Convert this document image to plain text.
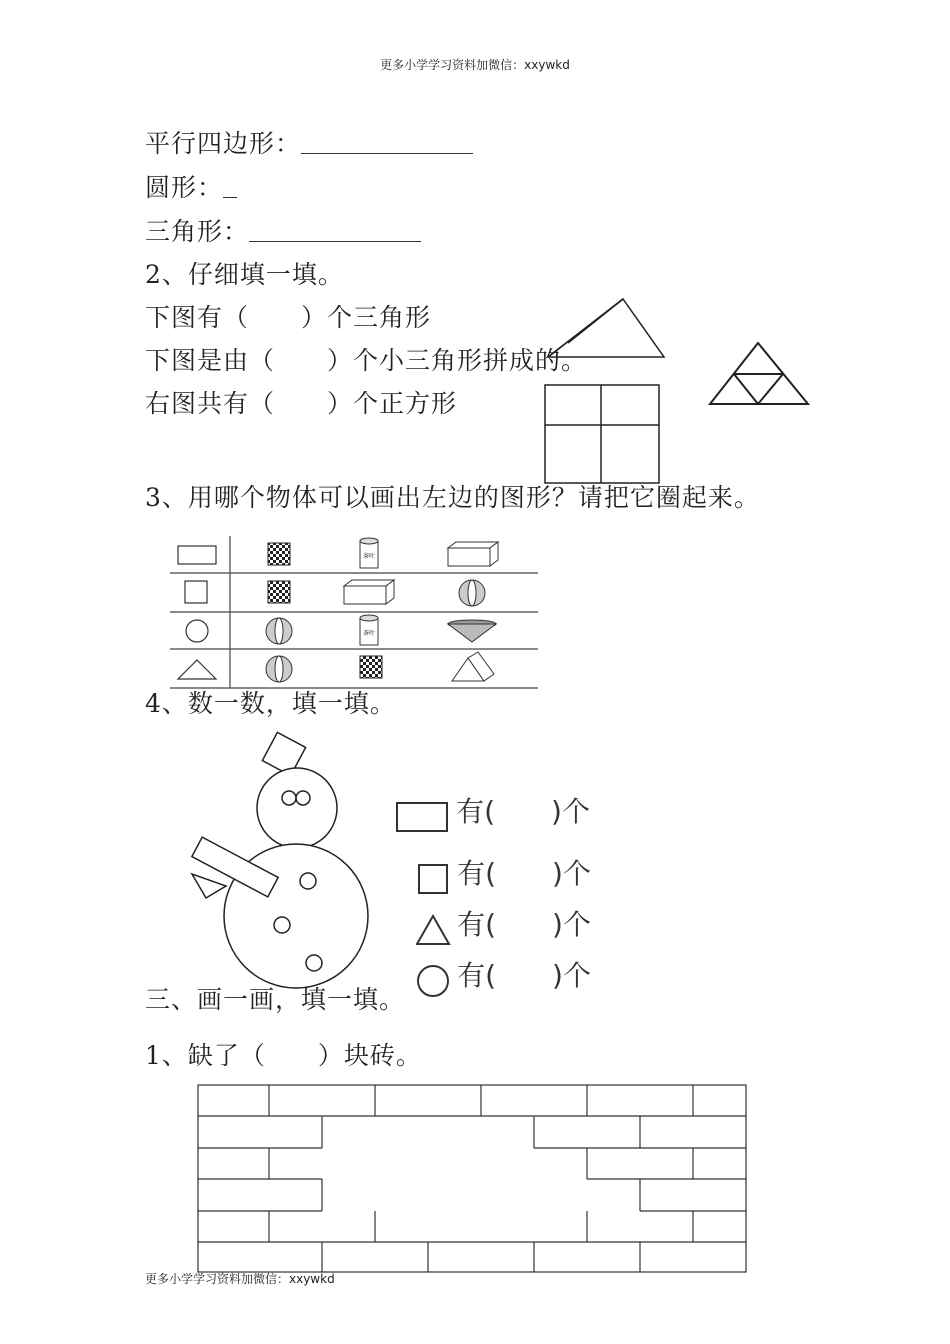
更多小学学习资料加微信：xxywkd
平行四边形：
圆形：
三角形：
2、仔细填一填。
下图有（　　）个三角形
下图是由（　　）个小三角形拼成的。
右图共有（　　）个正方形
3、用哪个物体可以画出左边的图形？请把它圈起来。
茶叶
茶叶
4、数一数，填一填。
有(　　)个
有(　　)个
有(　　)个
有(　　)个
三、画一画，填一填。
1、缺了（　　）块砖。
更多小学学习资料加微信：xxywkd
